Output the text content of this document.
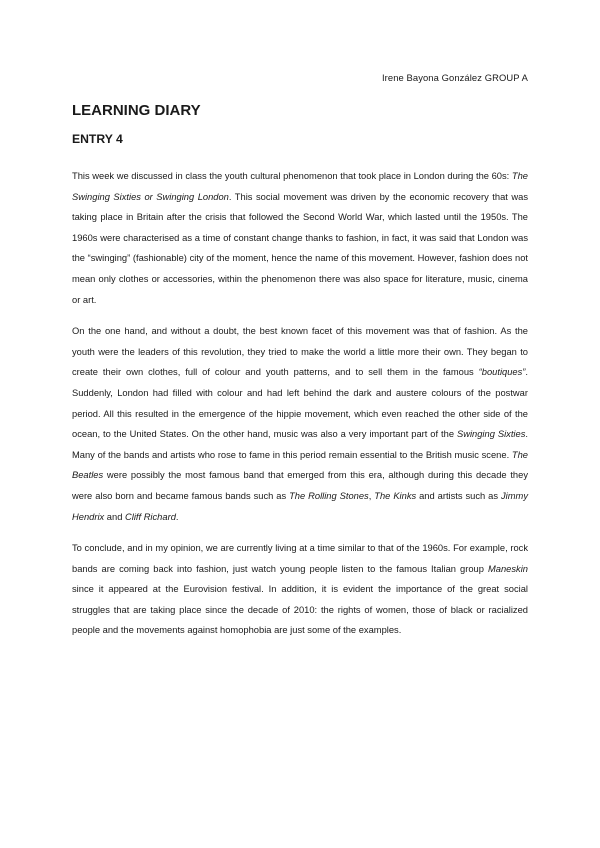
Irene Bayona González GROUP A
LEARNING DIARY
ENTRY 4

This week we discussed in class the youth cultural phenomenon that took place in London during the 60s: The Swinging Sixties or Swinging London. This social movement was driven by the economic recovery that was taking place in Britain after the crisis that followed the Second World War, which lasted until the 1950s. The 1960s were characterised as a time of constant change thanks to fashion, in fact, it was said that London was the “swinging” (fashionable) city of the moment, hence the name of this movement. However, fashion does not mean only clothes or accessories, within the phenomenon there was also space for literature, music, cinema or art.

On the one hand, and without a doubt, the best known facet of this movement was that of fashion. As the youth were the leaders of this revolution, they tried to make the world a little more their own. They began to create their own clothes, full of colour and youth patterns, and to sell them in the famous “boutiques”. Suddenly, London had filled with colour and had left behind the dark and austere colours of the postwar period. All this resulted in the emergence of the hippie movement, which even reached the other side of the ocean, to the United States. On the other hand, music was also a very important part of the Swinging Sixties. Many of the bands and artists who rose to fame in this period remain essential to the British music scene. The Beatles were possibly the most famous band that emerged from this era, although during this decade they were also born and became famous bands such as The Rolling Stones, The Kinks and artists such as Jimmy Hendrix and Cliff Richard.

To conclude, and in my opinion, we are currently living at a time similar to that of the 1960s. For example, rock bands are coming back into fashion, just watch young people listen to the famous Italian group Maneskin since it appeared at the Eurovision festival. In addition, it is evident the importance of the great social struggles that are taking place since the decade of 2010: the rights of women, those of black or racialized people and the movements against homophobia are just some of the examples.
